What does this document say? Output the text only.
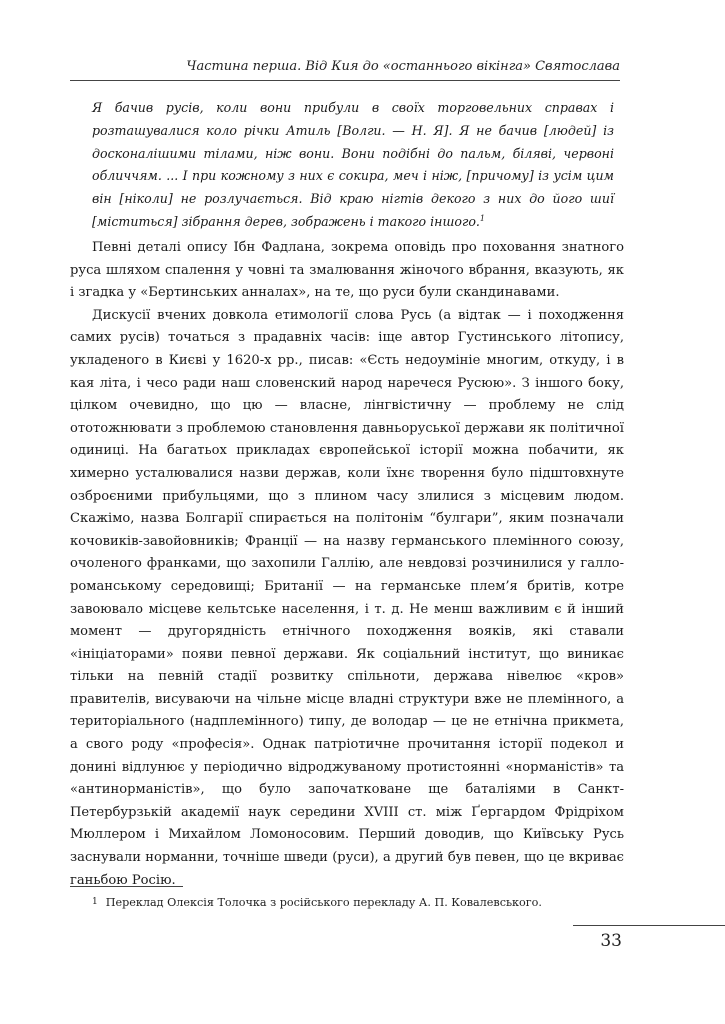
Частина перша. Від Кия до «останнього вікінга» Святослава

Я бачив русів, коли вони прибули в своїх торговельних справах і розташувалися коло річки Атиль [Волги. — Н. Я]. Я не бачив [людей] із досконалішими тілами, ніж вони. Вони подібні до пальм, біляві, червоні обличчям. ... І при кожному з них є сокира, меч і ніж, [причому] із усім цим він [ніколи] не розлучається. Від краю нігтів декого з них до його шиї [міститься] зібрання дерев, зображень і такого іншого.$^1$

Певні деталі опису Ібн Фадлана, зокрема оповідь про поховання знатного руса шляхом спалення у човні та змалювання жіночого вбрання, вказують, як і згадка у «Бертинських анналах», на те, що руси були скандинавами.

Дискусії вчених довкола етимології слова Русь (а відтак — і походження самих русів) точаться з прадавніх часів: іще автор Густинського літопису, укладеного в Києві у 1620-х рр., писав: «Єсть недоумініе многим, откуду, і в кая літа, і чесо ради наш словенский народ наречеся Русюю». З іншого боку, цілком очевидно, що цю — власне, лінгвістичну — проблему не слід ототожнювати з проблемою становлення давньоруської держави як політичної одиниці. На багатьох прикладах європейської історії можна побачити, як химерно усталювалися назви держав, коли їхнє творення було підштовхнуте озброєними прибульцями, що з плином часу злилися з місцевим людом. Скажімо, назва Болгарії спирається на політонім “булгари”, яким позначали кочовиків-завойовників; Франції — на назву германського племінного союзу, очоленого франками, що захопили Галлію, але невдовзі розчинилися у галло-романському середовищі; Британії — на германське плем’я бритів, котре завоювало місцеве кельтське населення, і т. д. Не менш важливим є й інший момент — другорядність етнічного походження вояків, які ставали «ініціаторами» появи певної держави. Як соціальний інститут, що виникає тільки на певній стадії розвитку спільноти, держава нівелює «кров» правителів, висуваючи на чільне місце владні структури вже не племінного, а територіального (надплемінного) типу, де володар — це не етнічна прикмета, а свого роду «професія». Однак патріотичне прочитання історії подекол и донині відлунює у періодично відроджуваному протистоянні «норманістів» та «антинорманістів», що було започатковане ще баталіями в Санкт-Петербурзькій академії наук середини XVIII ст. між Ґергардом Фрідріхом Мюллером і Михайлом Ломоносовим. Перший доводив, що Київську Русь заснували норманни, точніше шведи (руси), а другий був певен, що це вкриває ганьбою Росію.

1 Переклад Олексія Толочка з російського перекладу А. П. Ковалевського.
33
